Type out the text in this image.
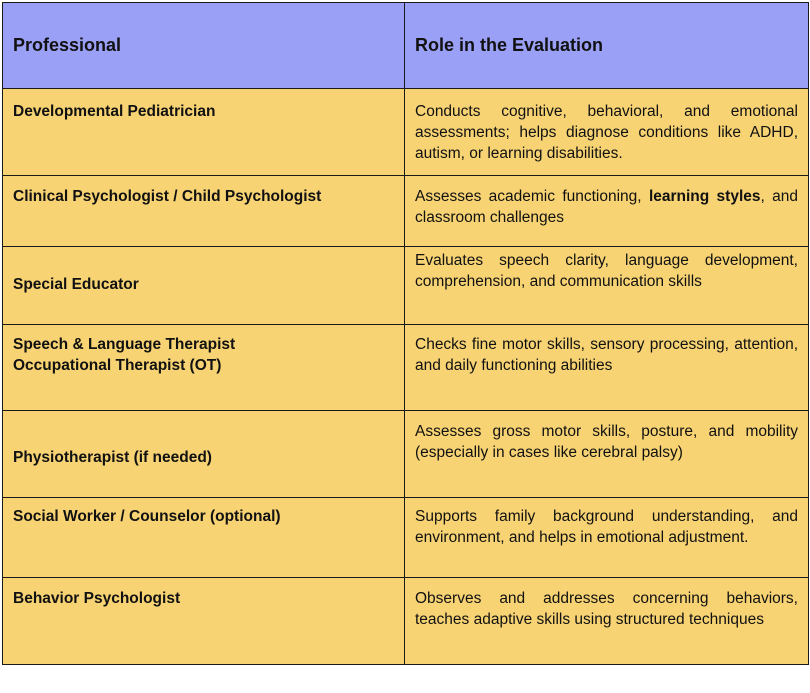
Professional	Role in the Evaluation
Developmental Pediatrician	Conducts cognitive, behavioral, and emotional assessments; helps diagnose conditions like ADHD, autism, or learning disabilities.
Clinical Psychologist / Child Psychologist	Assesses academic functioning, learning styles, and classroom challenges
Special Educator	Evaluates speech clarity, language development, comprehension, and communication skills

Speech & Language Therapist
Occupational Therapist (OT)	Checks fine motor skills, sensory processing, attention, and daily functioning abilities
Physiotherapist (if needed)	Assesses gross motor skills, posture, and mobility (especially in cases like cerebral palsy)
Social Worker / Counselor (optional)	Supports family background understanding, and environment, and helps in emotional adjustment.
Behavior Psychologist	Observes and addresses concerning behaviors, teaches adaptive skills using structured techniques
